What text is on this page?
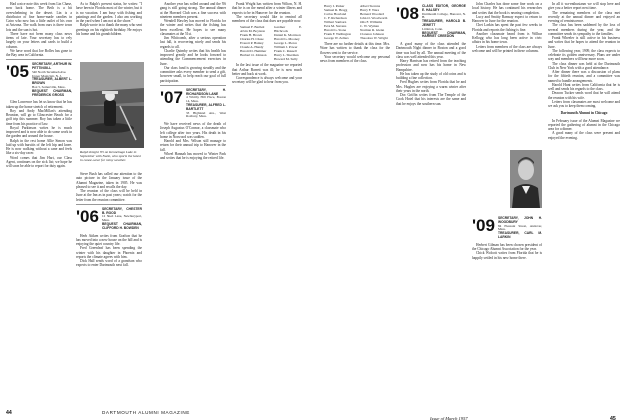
Had a nice note this week from Lin Chase, now back home. The Beth is a bit overwhelming in the desert. Lin is a distributor of fine home-made candies in Cairo who now has a little outlet of his own at Arizona. The walk from ours is three town lots and the sun is hot.

There have not been many class news items of late. Your secretary has to rely largely on your letters and cards to build a column.

We have word that Joe Bolles has gone to the Bay area in California.

'05 SECRETARY, ARTHUR W. PETTINGILL
540 North Tecumseh Ave.
Upper Montclair, N. J.
TREASURER, ALBERT L. BROWN
Box 5, Somerville, Mass.
BEQUEST CHAIRMAN, FREDERICK GROSS

Glen Lawrence has let us know that he has taken up the home stretch of retirement.

Roy and Andy MacMillan's attending Reunion, will go to Gloucester Beach for a golf trip this summer. Roy has taken a little time from his practice of law.

Royal Parkinson writes he is much improved and is now able to do some work in the garden and around the house.

Ralph in the rest home Allie Simon was laid up with bursitis of the left hip and knee. He is now walking without a cane and feels like a six-day racer.

Word comes that Jim Hart, our Class Agent, continues on the sick list; we hope he will soon be able to report for duty again.

As to Ralph's present status, he writes: "I have been in Florida most of the winter, but it is no vacation. I am busy with fishing and paintings and the garden. I also am working in the yard when I am not at the shore."

Ralph wrote in to thank the many who sent greetings on his eightieth birthday. He enjoys his home and his grandchildren.

Ralph Knight '05 on Kennebago Lake in September with Natie, who sports the latest in canoe-wear for rainy weather.

Steve Bush has called our attention to the auto picture in the January issue of the Alumni Magazine, taken in 1905. He was pleased to see it and recalls the day.

The reunion of the class will be held in June at the Inn as in past years; watch for the letter from the reunion committee.

'06 SECRETARY, CHESTER B. ROOD
12 Shed Lane, Newburyport, Mass.
BEQUEST CHAIRMAN, CLIFFORD H. BOWDEN

Herb Aitken writes from Grafton that he has moved into a new house on the hill and is enjoying the quiet country life.

Fred Greenleaf has been spending the winter with his daughter in Phoenix and reports the climate agrees with him.

Dick Hall sends word of a grandson who expects to enter Dartmouth next fall.

Another year has rolled around and the '06 gang is still going strong. The annual dinner at the Harvard Club was a fine success with nineteen members present.

Wendell Hawley has moved to Florida for the winter and writes that the fishing has been excellent. He hopes to see many classmates at the 51st.

Jim Whitcomb, after a serious operation last fall, is recovering nicely and sends his regards to all.

Charlie Quimby writes that his health has improved greatly and he looks forward to attending the Commencement exercises in June.

Our class fund is growing steadily and the committee asks every member to send a gift, however small, to help reach our goal of full participation.

'07 SECRETARY, H. RICHARDSON LANE
4 Whitby Hill Place, Boston 14, Mass.
TREASURER, ALFRED L. BARTLETT
33 Highland Ave., West Roxbury, Mass.

We have received news of the death of Joseph Augustus O'Connor, a classmate who left college after two years. His death in his home in Norwood was sudden.

Harold and Mrs. Wilson still manage to return for their annual trip to Hanover in the fall.

Wheel Hannah has moved to Winter Park and writes that he is enjoying the retired life.

Frank Wright has written from Wilton, N. H. that he is on the mend after a winter illness and expects to be in Hanover for the reunion.

The secretary would like to remind all members of the class that dues are payable now.

Samuel F. Bartlett
Alvin M. Boynton
Frank H. Brown
Charles H. Chase
Everett P. Hanley
Claude A. Handy
Harold D. Hemmer
Herbert O. Johnson
Gardner E. Hitchcock
Daniel K. Morrison
Harold G. Mooney
George L. Pierce
William J. Power
Frank C. Russell
Harry L. Sherman
Howard M. Sully

In the last issue of the magazine we reported that Arthur Barrett was ill; he is now much better and back at work.

Correspondence is always welcome and your secretary will be glad to hear from you.

44	DARTMOUTH ALUMNI MAGAZINE
Harry I. Parker
Samuel R. Bragg
Carlos Howland
C. F. Richardson
Wilbert Sanborn
Ezra M. Stevens
Harold G. Stone
Frank F. Wellington
George W. Zellers
Albert Stevens
Harry F. Ware
Bernard Woodard
John O. Woodworth
Otis F. Williams
C. W. Wyman
Norman R. Glenn
Clarence Johnson
Theodore W. Wright

There are no further details at this time. Mrs. Ware has written to thank the class for the flowers sent to the service.

Your secretary would welcome any personal news from members of the class.

'08 CLASS EDITOR, GEORGE E. HALSEY
Dartmouth College, Hanover, N. H.
TREASURER, HAROLD B. JEWETT
Littleton, Conn.
BEQUEST CHAIRMAN, HARRIET CREEDON

A good many of the class attended the Dartmouth Night dinner in Boston and a good time was had by all. The annual meeting of the class was well attended this year.

Harry Harrison has retired from the teaching profession and now has his home in New Hampshire.

He has taken up the study of old coins and is building a fine collection.

Fred Hughes writes from Florida that he and Mrs. Hughes are enjoying a warm winter after their years in the north.

Doc Griffin writes from The Temple of the Cook Hotel that his interests are the same and that he enjoys the southern sun.

John Charles has done some fine work on a local history. He has continued his researches and writes that the book is nearing completion.

Lucy and Smitty Ramsay expect to return to Hanover in June for the reunion.

Chet Larkin has spent the past few weeks in Florida and reports the fishing is fine.

Another classmate heard from is Wilbur Kellogg who has long been active in civic affairs in his home town.

Letters from members of the class are always welcome and will be printed in these columns.

'09 SECRETARY, JOHN H. WOODBURY
84 Pleasant Street, Andover, Mass.
TREASURER, CARL M. LARKIN

Herbert Gilman has been chosen president of the Chicago Alumni Association for the year.

Chick Wolcott writes from Florida that he is happily settled in his new home there.

In all it wa-enthusiasm we will stop here and give you a better report next time.

The remaining members of the class met recently at the annual dinner and enjoyed an evening of reminiscence.

The class has been saddened by the loss of several members during the year, and the committee sends its sympathy to the families.

Frank Wheeler is still active in his business and writes that he hopes to attend the reunion in June.

The following year, 1909, the class expects to celebrate its golden anniversary. Plans are under way and members will hear more soon.

The class dinner was held at the Dartmouth Club in New York with a good attendance.

After dinner there was a discussion of plans for the fiftieth reunion, and a committee was named to handle arrangements.

Harold Hunt writes from California that he is well and sends his regards to the class.

Deacon Tucker sends word that he will attend the reunion with his wife.

Letters from classmates are most welcome and we ask you to keep them coming.

Dartmouth Alumni in Chicago

In February issue of the Alumni Magazine we reported the gathering of alumni in the Chicago area for a dinner.

A good many of the class were present and enjoyed the evening.

Issue of March 1957	45
